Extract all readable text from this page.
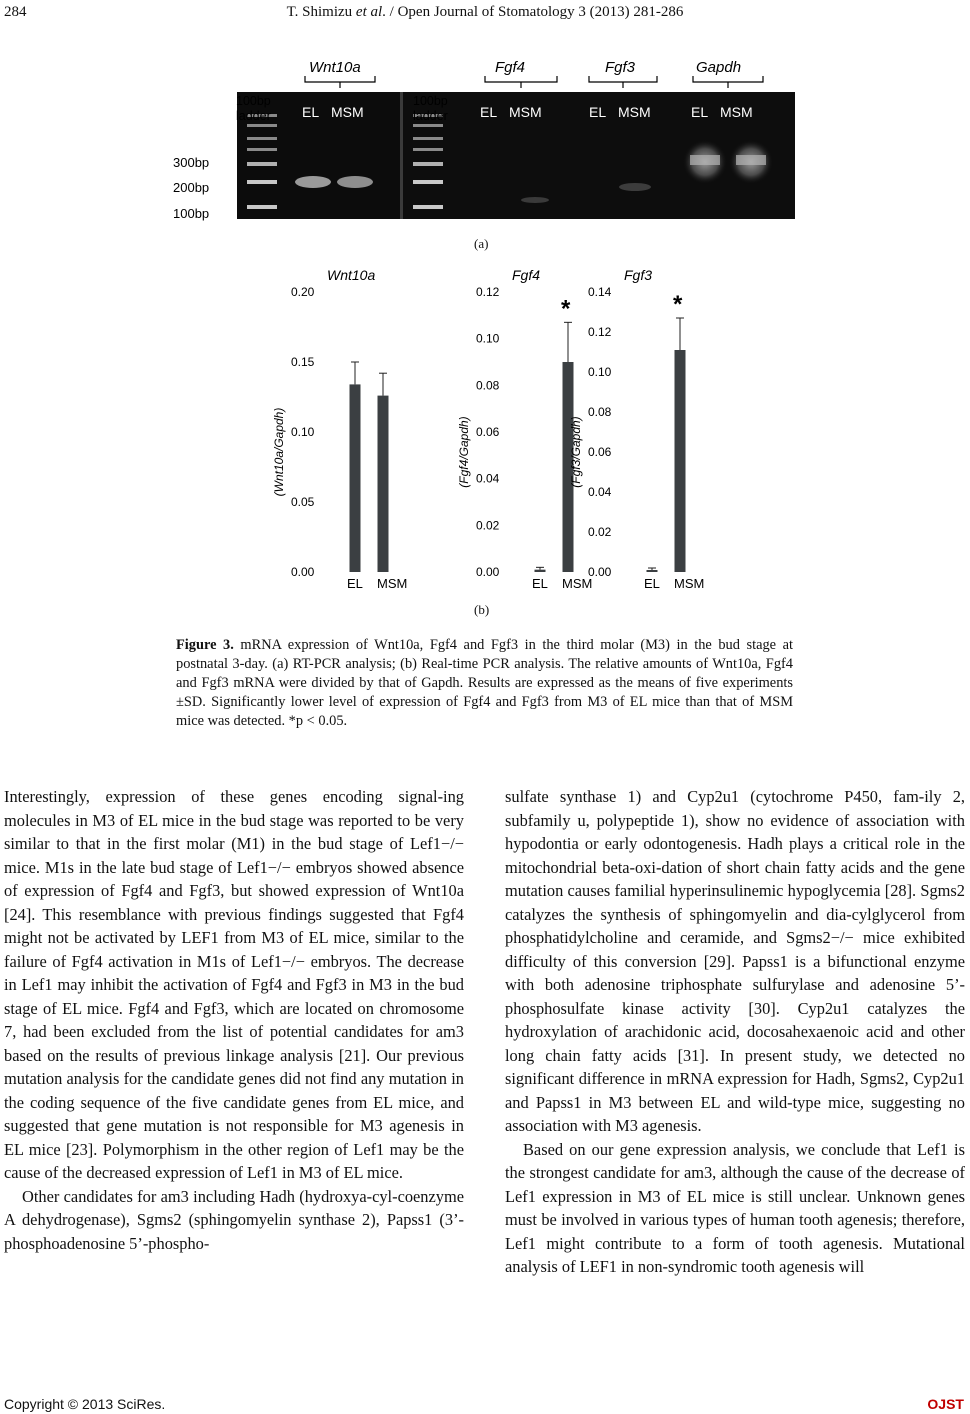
284	T. Shimizu et al. / Open Journal of Stomatology 3 (2013) 281-286
Wnt10a	Fgf4	Fgf3	Gapdh
100bp
ladder
100bp
ladder
EL MSM	EL MSM	EL MSM	EL MSM
300bp
200bp
100bp
(a)
Wnt10a
0.00
0.05
0.10
0.15
0.20
(Wnt10a/Gapdh)
EL MSM
Fgf4
0.00
0.02
0.04
0.06
0.08
0.10
0.12
(Fgf4/Gapdh)
EL MSM
*
Fgf3
0.00
0.02
0.04
0.06
0.08
0.10
0.12
0.14
(Fgf3/Gapdh)
EL MSM
*
(b)
Figure 3. mRNA expression of Wnt10a, Fgf4 and Fgf3 in the third molar (M3) in the bud stage at postnatal 3-day. (a) RT-PCR analysis; (b) Real-time PCR analysis. The relative amounts of Wnt10a, Fgf4 and Fgf3 mRNA were divided by that of Gapdh. Results are expressed as the means of five experiments ±SD. Significantly lower level of expression of Fgf4 and Fgf3 from M3 of EL mice than that of MSM mice was detected. *p < 0.05.

Interestingly, expression of these genes encoding signal-ing molecules in M3 of EL mice in the bud stage was reported to be very similar to that in the first molar (M1) in the bud stage of Lef1−/− mice. M1s in the late bud stage of Lef1−/− embryos showed absence of expression of Fgf4 and Fgf3, but showed expression of Wnt10a [24]. This resemblance with previous findings suggested that Fgf4 might not be activated by LEF1 from M3 of EL mice, similar to the failure of Fgf4 activation in M1s of Lef1−/− embryos. The decrease in Lef1 may inhibit the activation of Fgf4 and Fgf3 in M3 in the bud stage of EL mice. Fgf4 and Fgf3, which are located on chromosome 7, had been excluded from the list of potential candidates for am3 based on the results of previous linkage analysis [21]. Our previous mutation analysis for the candidate genes did not find any mutation in the coding sequence of the five candidate genes from EL mice, and suggested that gene mutation is not responsible for M3 agenesis in EL mice [23]. Polymorphism in the other region of Lef1 may be the cause of the decreased expression of Lef1 in M3 of EL mice.

Other candidates for am3 including Hadh (hydroxya-cyl-coenzyme A dehydrogenase), Sgms2 (sphingomyelin synthase 2), Papss1 (3’-phosphoadenosine 5’-phospho-

sulfate synthase 1) and Cyp2u1 (cytochrome P450, fam-ily 2, subfamily u, polypeptide 1), show no evidence of association with hypodontia or early odontogenesis. Hadh plays a critical role in the mitochondrial beta-oxi-dation of short chain fatty acids and the gene mutation causes familial hyperinsulinemic hypoglycemia [28]. Sgms2 catalyzes the synthesis of sphingomyelin and dia-cylglycerol from phosphatidylcholine and ceramide, and Sgms2−/− mice exhibited difficulty of this conversion [29]. Papss1 is a bifunctional enzyme with both adenosine triphosphate sulfurylase and adenosine 5’-phosphosulfate kinase activity [30]. Cyp2u1 catalyzes the hydroxylation of arachidonic acid, docosahexaenoic acid and other long chain fatty acids [31]. In present study, we detected no significant difference in mRNA expression for Hadh, Sgms2, Cyp2u1 and Papss1 in M3 between EL and wild-type mice, suggesting no association with M3 agenesis.

Based on our gene expression analysis, we conclude that Lef1 is the strongest candidate for am3, although the cause of the decrease of Lef1 expression in M3 of EL mice is still unclear. Unknown genes must be involved in various types of human tooth agenesis; therefore, Lef1 might contribute to a form of tooth agenesis. Mutational analysis of LEF1 in non-syndromic tooth agenesis will

Copyright © 2013 SciRes.	OJST
